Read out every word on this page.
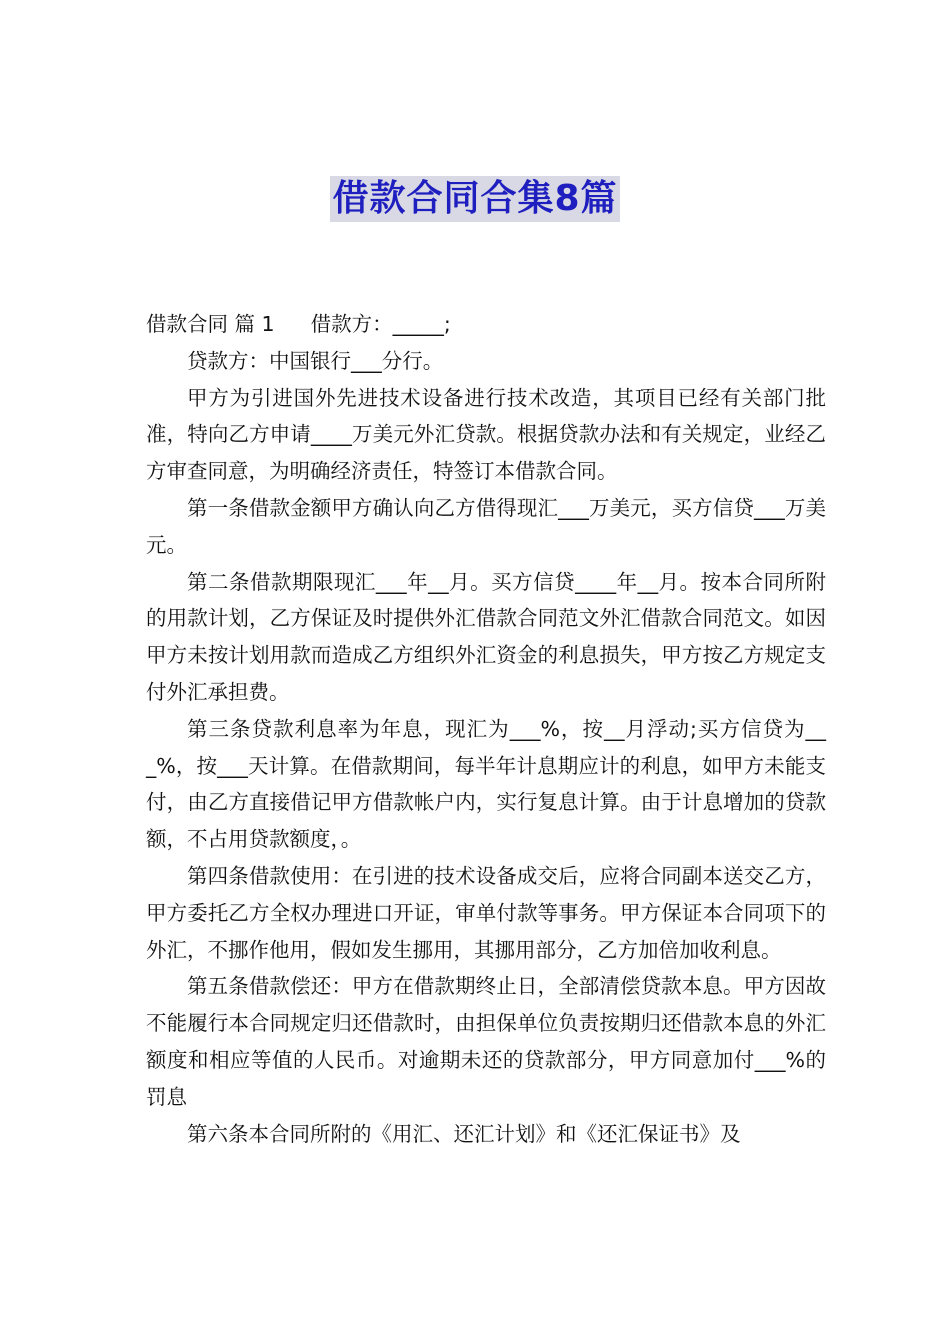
借款合同合集8篇

借款合同 篇 1 借款方：_____;

贷款方：中国银行___分行。

甲方为引进国外先进技术设备进行技术改造，其项目已经有关部门批准，特向乙方申请____万美元外汇贷款。根据贷款办法和有关规定，业经乙方审查同意，为明确经济责任，特签订本借款合同。

第一条借款金额甲方确认向乙方借得现汇___万美元，买方信贷___万美元。

第二条借款期限现汇___年__月。买方信贷____年__月。按本合同所附的用款计划，乙方保证及时提供外汇借款合同范文外汇借款合同范文。如因甲方未按计划用款而造成乙方组织外汇资金的利息损失，甲方按乙方规定支付外汇承担费。

第三条贷款利息率为年息，现汇为___%，按__月浮动;买方信贷为___%，按___天计算。在借款期间，每半年计息期应计的利息，如甲方未能支付，由乙方直接借记甲方借款帐户内，实行复息计算。由于计息增加的贷款额，不占用贷款额度，。

第四条借款使用：在引进的技术设备成交后，应将合同副本送交乙方，甲方委托乙方全权办理进口开证，审单付款等事务。甲方保证本合同项下的外汇，不挪作他用，假如发生挪用，其挪用部分，乙方加倍加收利息。

第五条借款偿还：甲方在借款期终止日，全部清偿贷款本息。甲方因故不能履行本合同规定归还借款时，由担保单位负责按期归还借款本息的外汇额度和相应等值的人民币。对逾期未还的贷款部分，甲方同意加付___%的罚息

第六条本合同所附的《用汇、还汇计划》和《还汇保证书》及
